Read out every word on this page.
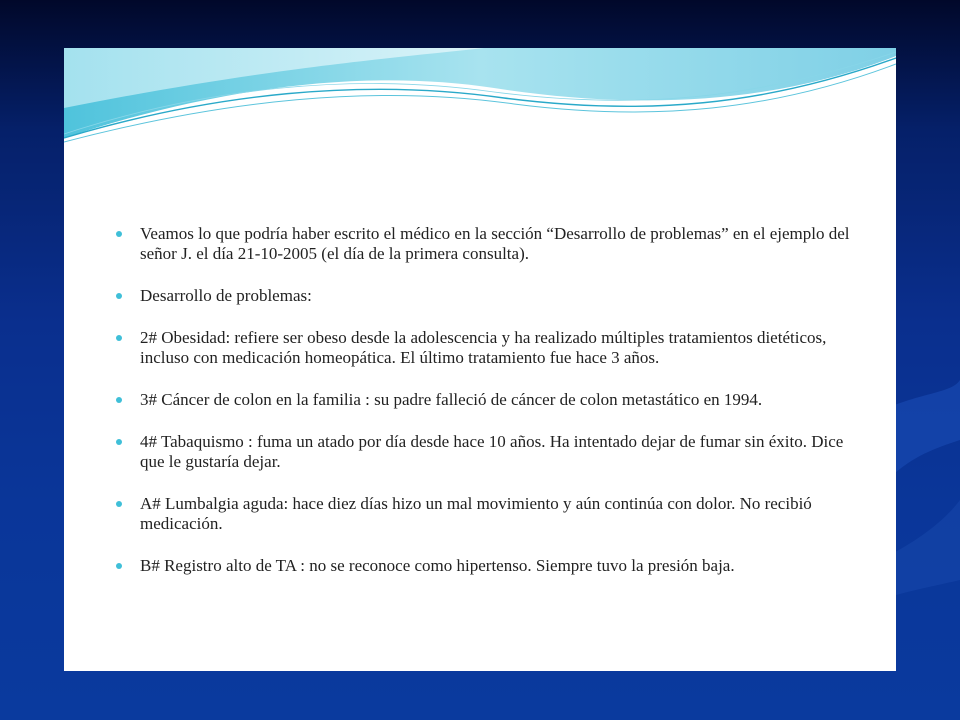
Veamos lo que podría haber escrito el médico en la sección “Desarrollo de problemas” en el ejemplo del señor J. el día 21-10-2005 (el día de la primera consulta).
Desarrollo de problemas:
2# Obesidad: refiere ser obeso desde la adolescencia y ha realizado múltiples tratamientos dietéticos, incluso con medicación homeopática. El último tratamiento fue hace 3 años.
3# Cáncer de colon en la familia : su padre falleció de cáncer de colon metastático en 1994.
4# Tabaquismo : fuma un atado por día desde hace 10 años. Ha intentado dejar de fumar sin éxito. Dice que le gustaría dejar.
A# Lumbalgia aguda: hace diez días hizo un mal movimiento y aún continúa con dolor. No recibió medicación.
B# Registro alto de TA : no se reconoce como hipertenso. Siempre tuvo la presión baja.
